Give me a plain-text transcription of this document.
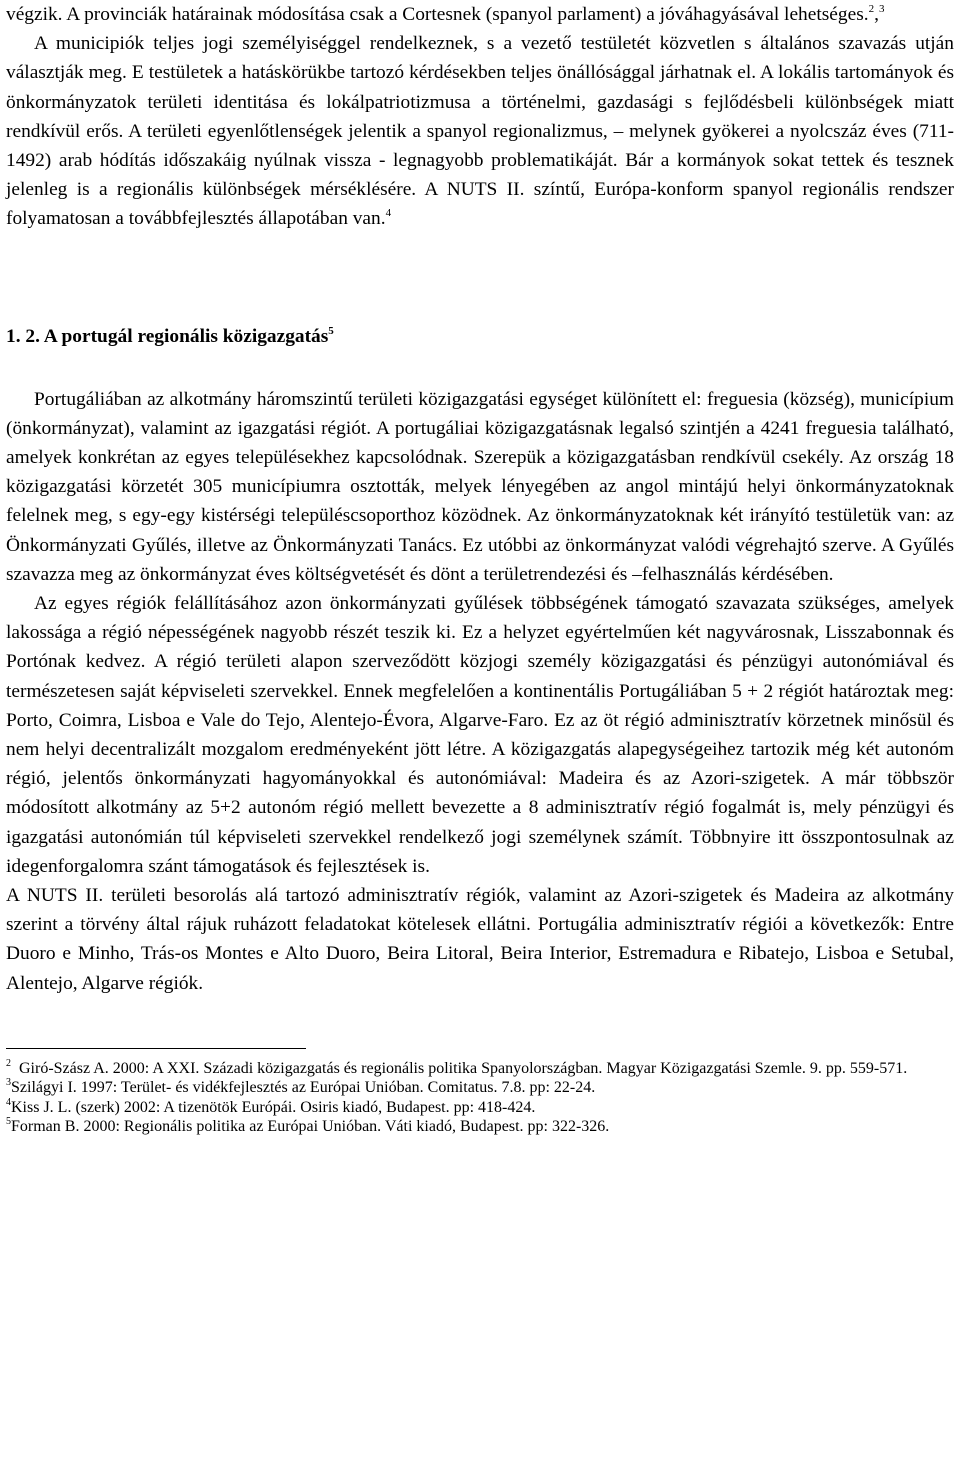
végzik. A provinciák határainak módosítása csak a Cortesnek (spanyol parlament) a jóváhagyásával lehetséges.$^2$,$^3$
A municipiók teljes jogi személyiséggel rendelkeznek, s a vezető testületét közvetlen s általános szavazás utján választják meg. E testületek a hatáskörükbe tartozó kérdésekben teljes önállósággal járhatnak el. A lokális tartományok és önkormányzatok területi identitása és lokálpatriotizmusa a történelmi, gazdasági s fejlődésbeli különbségek miatt rendkívül erős. A területi egyenlőtlenségek jelentik a spanyol regionalizmus, – melynek gyökerei a nyolcszáz éves (711-1492) arab hódítás időszakáig nyúlnak vissza - legnagyobb problematikáját. Bár a kormányok sokat tettek és tesznek jelenleg is a regionális különbségek mérséklésére. A NUTS II. színtű, Európa-konform spanyol regionális rendszer folyamatosan a továbbfejlesztés állapotában van.$^4$

1. 2. A portugál regionális közigazgatás$^5$

Portugáliában az alkotmány háromszintű területi közigazgatási egységet különített el: freguesia (község), municípium (önkormányzat), valamint az igazgatási régiót. A portugáliai közigazgatásnak legalsó szintjén a 4241 freguesia található, amelyek konkrétan az egyes településekhez kapcsolódnak. Szerepük a közigazgatásban rendkívül csekély. Az ország 18 közigazgatási körzetét 305 municípiumra osztották, melyek lényegében az angol mintájú helyi önkormányzatoknak felelnek meg, s egy-egy kistérségi településcsoporthoz közödnek. Az önkormányzatoknak két irányító testületük van: az Önkormányzati Gyűlés, illetve az Önkormányzati Tanács. Ez utóbbi az önkormányzat valódi végrehajtó szerve. A Gyűlés szavazza meg az önkormányzat éves költségvetését és dönt a területrendezési és –felhasználás kérdésében.

Az egyes régiók felállításához azon önkormányzati gyűlések többségének támogató szavazata szükséges, amelyek lakossága a régió népességének nagyobb részét teszik ki. Ez a helyzet egyértelműen két nagyvárosnak, Lisszabonnak és Portónak kedvez. A régió területi alapon szerveződött közjogi személy közigazgatási és pénzügyi autonómiával és természetesen saját képviseleti szervekkel. Ennek megfelelően a kontinentális Portugáliában 5 + 2 régiót határoztak meg: Porto, Coimra, Lisboa e Vale do Tejo, Alentejo-Évora, Algarve-Faro. Ez az öt régió adminisztratív körzetnek minősül és nem helyi decentralizált mozgalom eredményeként jött létre. A közigazgatás alapegységeihez tartozik még két autonóm régió, jelentős önkormányzati hagyományokkal és autonómiával: Madeira és az Azori-szigetek. A már többször módosított alkotmány az 5+2 autonóm régió mellett bevezette a 8 adminisztratív régió fogalmát is, mely pénzügyi és igazgatási autonómián túl képviseleti szervekkel rendelkező jogi személynek számít. Többnyire itt összpontosulnak az idegenforgalomra szánt támogatások és fejlesztések is.

A NUTS II. területi besorolás alá tartozó adminisztratív régiók, valamint az Azori-szigetek és Madeira az alkotmány szerint a törvény által rájuk ruházott feladatokat kötelesek ellátni. Portugália adminisztratív régiói a következők: Entre Duoro e Minho, Trás-os Montes e Alto Duoro, Beira Litoral, Beira Interior, Estremadura e Ribatejo, Lisboa e Setubal, Alentejo, Algarve régiók.

$^2$ Giró-Szász A. 2000: A XXI. Századi közigazgatás és regionális politika Spanyolországban. Magyar Közigazgatási Szemle. 9. pp. 559-571.

$^3$Szilágyi I. 1997: Terület- és vidékfejlesztés az Európai Unióban. Comitatus. 7.8. pp: 22-24.

$^4$Kiss J. L. (szerk) 2002: A tizenötök Európái. Osiris kiadó, Budapest. pp: 418-424.

$^5$Forman B. 2000: Regionális politika az Európai Unióban. Váti kiadó, Budapest. pp: 322-326.
